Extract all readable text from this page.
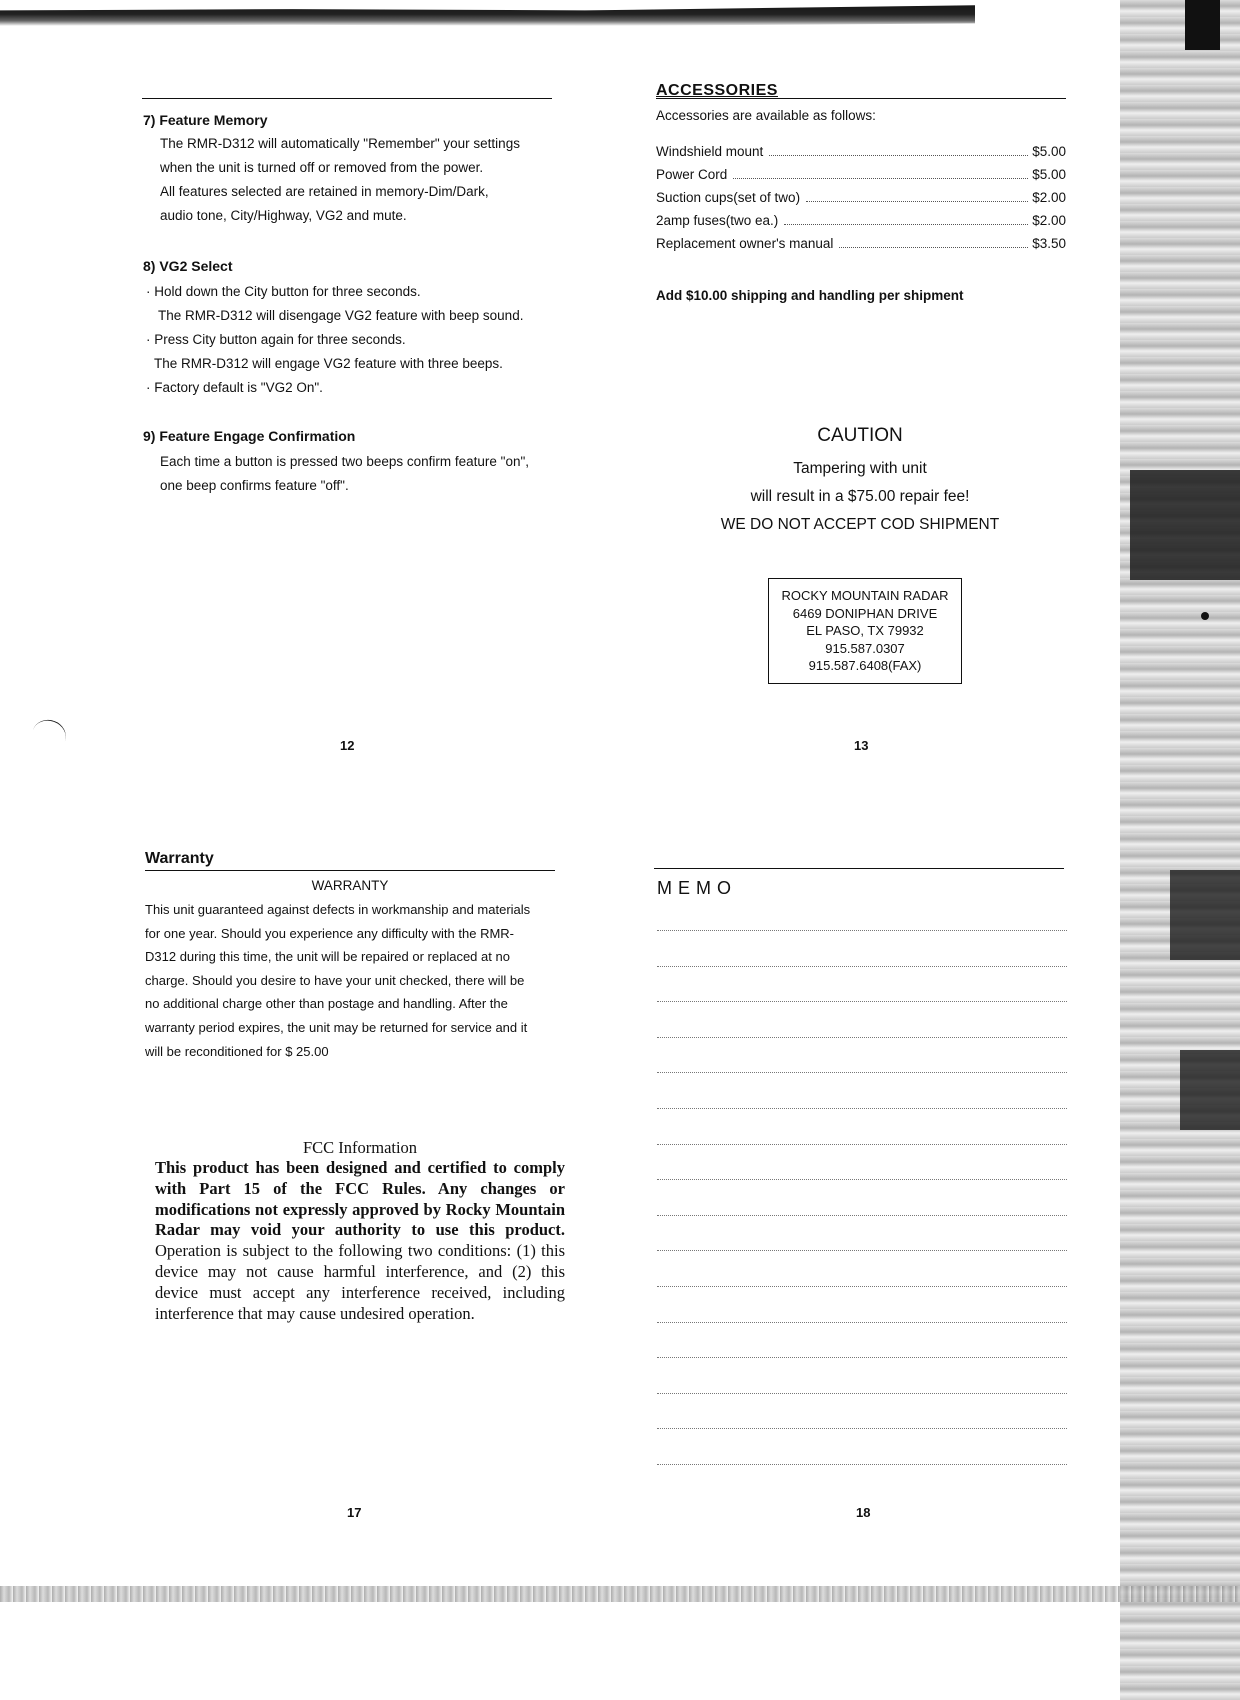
7) Feature Memory
The RMR-D312 will automatically "Remember" your settings
when the unit is turned off or removed from the power.
All features selected are retained in memory-Dim/Dark,
audio tone, City/Highway, VG2 and mute.
8) VG2 Select
· Hold down the City button for three seconds.
The RMR-D312 will disengage VG2 feature with beep sound.
· Press City button again for three seconds.
The RMR-D312 will engage VG2 feature with three beeps.
· Factory default is "VG2 On".
9) Feature Engage Confirmation
Each time a button is pressed two beeps confirm feature "on",
one beep confirms feature "off".
12
ACCESSORIES
Accessories are available as follows:
Windshield mount	$5.00
Power Cord	$5.00
Suction cups(set of two)	$2.00
2amp fuses(two ea.)	$2.00
Replacement owner's manual	$3.50
Add $10.00 shipping and handling per shipment
CAUTION
Tampering with unit
will result in a $75.00 repair fee!
WE DO NOT ACCEPT COD SHIPMENT
ROCKY MOUNTAIN RADAR
6469 DONIPHAN DRIVE
EL PASO, TX 79932
915.587.0307
915.587.6408(FAX)
13
Warranty
WARRANTY
This unit guaranteed against defects in workmanship and materials
for one year. Should you experience any difficulty with the RMR-
D312 during this time, the unit will be repaired or replaced at no
charge. Should you desire to have your unit checked, there will be
no additional charge other than postage and handling. After the
warranty period expires, the unit may be returned for service and it
will be reconditioned for $ 25.00
FCC Information
This product has been designed and certified to comply with Part 15 of the FCC Rules. Any changes or modifications not expressly approved by Rocky Mountain Radar may void your authority to use this product. Operation is subject to the following two conditions: (1) this device may not cause harmful interference, and (2) this device must accept any interference received, including interference that may cause undesired operation.
17
MEMO
18
